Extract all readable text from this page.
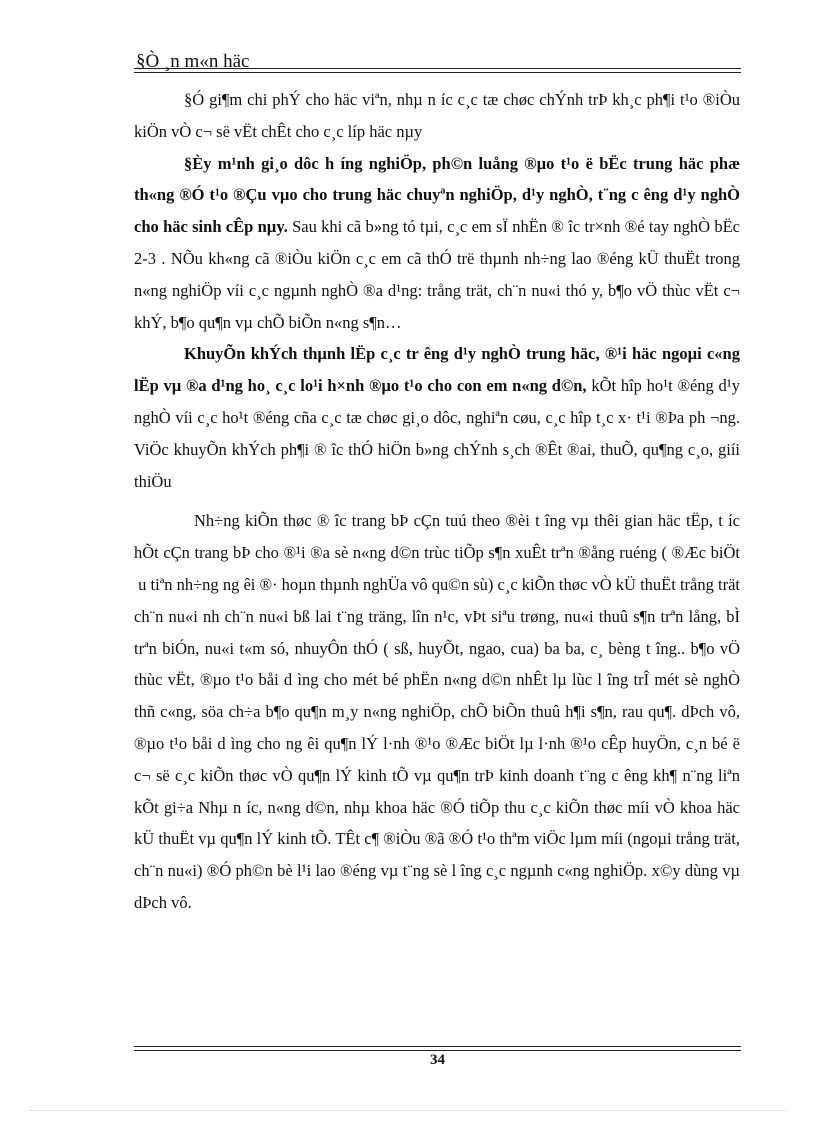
§Ò ¸n m«n häc

§Ó gi¶m chi phÝ cho häc viªn, nhµ n íc c¸c tæ chøc chÝnh trÞ kh¸c ph¶i t¹o ®iÒu kiÖn vÒ c¬ së vËt chÊt cho c¸c líp häc nµy

§Èy m¹nh gi¸o dôc h íng nghiÖp, ph©n luång ®µo t¹o ë bËc trung häc phæ th«ng ®Ó t¹o ®Çu vµo cho trung häc chuyªn nghiÖp, d¹y nghÒ, t¨ng c êng d¹y nghÒ cho häc sinh cÊp nµy. Sau khi cã b»ng tó tµi, c¸c em sÏ nhËn ® îc tr×nh ®é tay nghÒ bËc 2-3 . NÕu kh«ng cã ®iÒu kiÖn c¸c em cã thÓ trë thµnh nh÷ng lao ®éng kÜ thuËt trong n«ng nghiÖp víi c¸c ngµnh nghÒ ®a d¹ng: trång trät, ch¨n nu«i thó y, b¶o vÖ thùc vËt c¬ khÝ, b¶o qu¶n vµ chÕ biÕn n«ng s¶n…

KhuyÕn khÝch thµnh lËp c¸c tr êng d¹y nghÒ trung häc, ®¹i häc ngoµi c«ng lËp vµ ®a d¹ng ho¸ c¸c lo¹i h×nh ®µo t¹o cho con em n«ng d©n, kÕt hîp ho¹t ®éng d¹y nghÒ víi c¸c ho¹t ®éng cña c¸c tæ chøc gi¸o dôc, nghiªn cøu, c¸c hîp t¸c x· t¹i ®Þa ph ¬ng. ViÖc khuyÕn khÝch ph¶i ® îc thÓ hiÖn b»ng chÝnh s¸ch ®Êt ®ai, thuÕ, qu¶ng c¸o, giíi thiÖu

Nh÷ng kiÕn thøc ® îc trang bÞ cÇn tuú theo ®èi t îng vµ thêi gian häc tËp, t íc hÕt cÇn trang bÞ cho ®¹i ®a sè n«ng d©n trùc tiÕp s¶n xuÊt trªn ®ång ruéng ( ®Æc biÖt u tiªn nh÷ng ng êi ®· hoµn thµnh nghÜa vô qu©n sù) c¸c kiÕn thøc vÒ kÜ thuËt trång trät ch¨n nu«i nh ch¨n nu«i bß lai t¨ng träng, lîn n¹c, vÞt siªu trøng, nu«i thuû s¶n trªn lång, bÌ trªn biÓn, nu«i t«m só, nhuyÔn thÓ ( sß, huyÕt, ngao, cua) ba ba, c¸ bèng t îng.. b¶o vÖ thùc vËt, ®µo t¹o båi d ìng cho mét bé phËn n«ng d©n nhÊt lµ lùc l îng trÎ mét sè nghÒ thñ c«ng, söa ch÷a b¶o qu¶n m¸y n«ng nghiÖp, chÕ biÕn thuû h¶i s¶n, rau qu¶. dÞch vô, ®µo t¹o båi d ìng cho ng êi qu¶n lÝ l·nh ®¹o ®Æc biÖt lµ l·nh ®¹o cÊp huyÖn, c¸n bé ë c¬ së c¸c kiÕn thøc vÒ qu¶n lÝ kinh tÕ vµ qu¶n trÞ kinh doanh t¨ng c êng kh¶ n¨ng liªn kÕt gi÷a Nhµ n íc, n«ng d©n, nhµ khoa häc ®Ó tiÕp thu c¸c kiÕn thøc míi vÒ khoa häc kÜ thuËt vµ qu¶n lÝ kinh tÕ. TÊt c¶ ®iÒu ®ã ®Ó t¹o thªm viÖc lµm míi (ngoµi trång trät, ch¨n nu«i) ®Ó ph©n bè l¹i lao ®éng vµ t¨ng sè l îng c¸c ngµnh c«ng nghiÖp. x©y dùng vµ dÞch vô.

34
